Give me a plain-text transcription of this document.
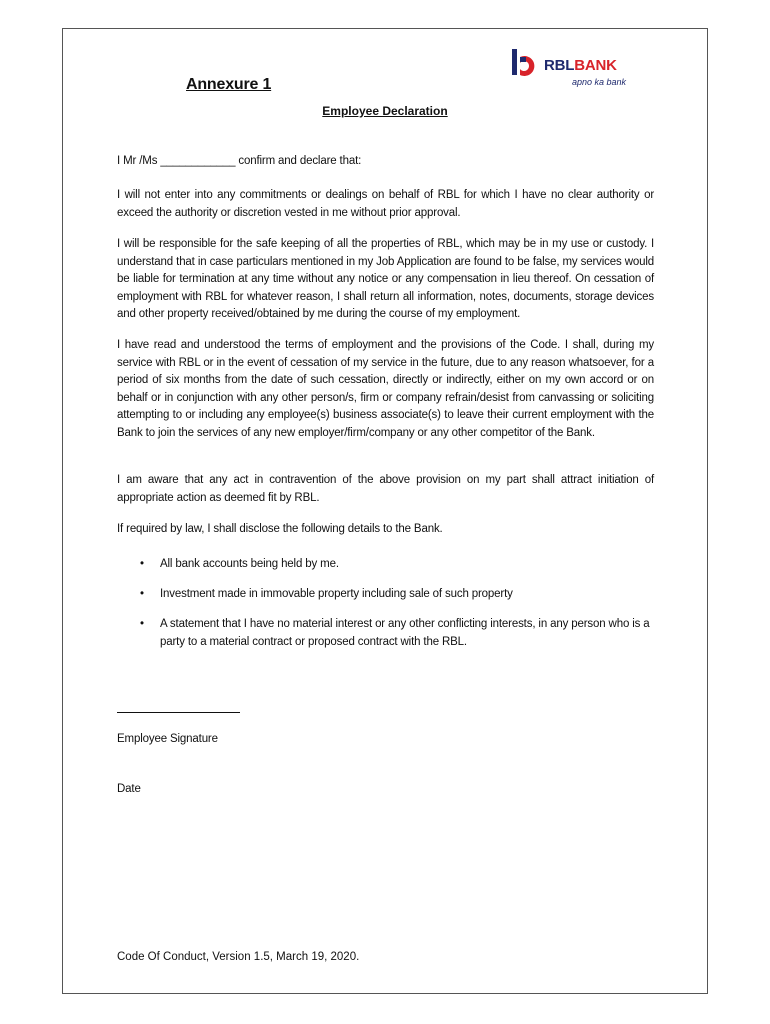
RBLBANK
apno ka bank
Annexure 1
Employee Declaration
I Mr /Ms ____________ confirm and declare that:
I will not enter into any commitments or dealings on behalf of RBL for which I have no clear authority or exceed the authority or discretion vested in me without prior approval.
I will be responsible for the safe keeping of all the properties of RBL, which may be in my use or custody. I understand that in case particulars mentioned in my Job Application are found to be false, my services would be liable for termination at any time without any notice or any compensation in lieu thereof. On cessation of employment with RBL for whatever reason, I shall return all information, notes, documents, storage devices and other property received/obtained by me during the course of my employment.
I have read and understood the terms of employment and the provisions of the Code. I shall, during my service with RBL or in the event of cessation of my service in the future, due to any reason whatsoever, for a period of six months from the date of such cessation, directly or indirectly, either on my own accord or on behalf or in conjunction with any other person/s, firm or company refrain/desist from canvassing or soliciting attempting to or including any employee(s) business associate(s) to leave their current employment with the Bank to join the services of any new employer/firm/company or any other competitor of the Bank.
I am aware that any act in contravention of the above provision on my part shall attract initiation of appropriate action as deemed fit by RBL.
If required by law, I shall disclose the following details to the Bank.
• All bank accounts being held by me.
• Investment made in immovable property including sale of such property
• A statement that I have no material interest or any other conflicting interests, in any person who is a party to a material contract or proposed contract with the RBL.
Employee Signature
Date
Code Of Conduct, Version 1.5, March 19, 2020.
